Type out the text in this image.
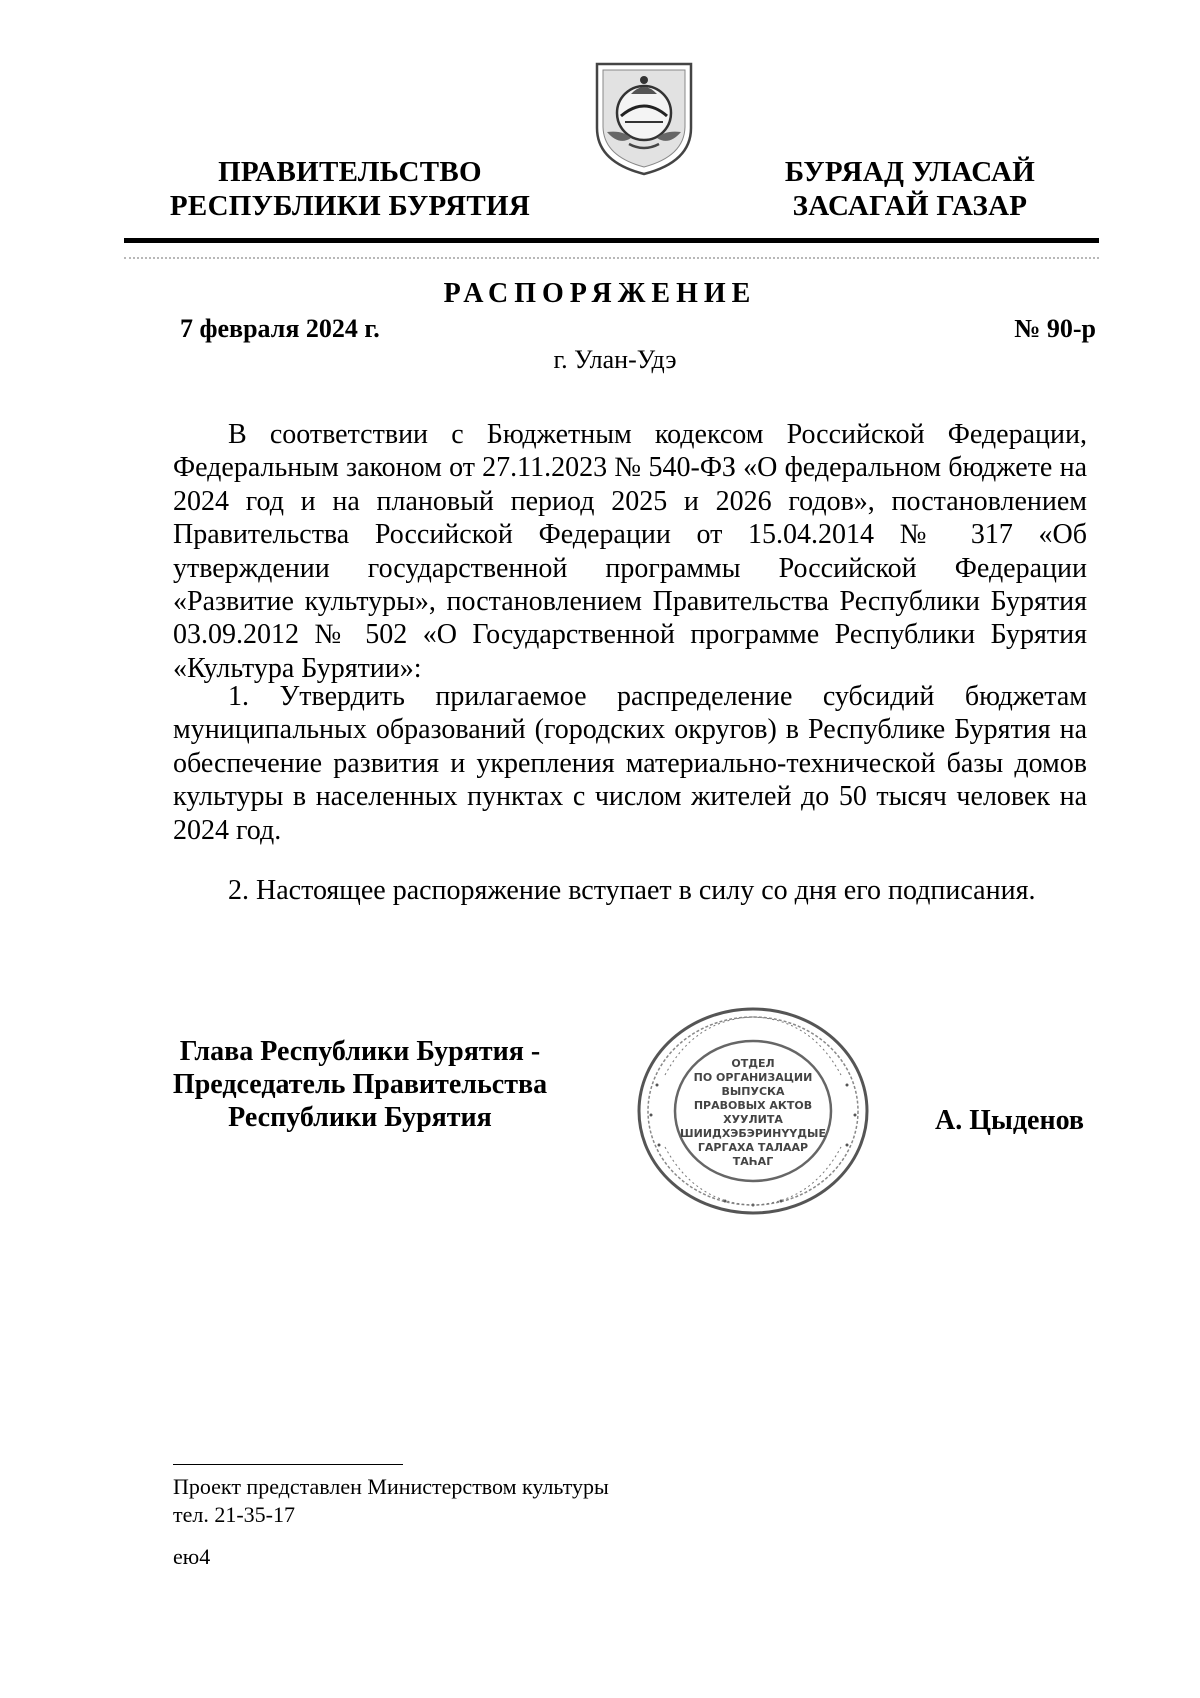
ПРАВИТЕЛЬСТВО
РЕСПУБЛИКИ БУРЯТИЯ
БУРЯАД УЛАСАЙ
ЗАСАГАЙ ГАЗАР
РАСПОРЯЖЕНИЕ
7 февраля 2024 г.	№ 90-р
г. Улан-Удэ
В соответствии с Бюджетным кодексом Российской Федерации, Федеральным законом от 27.11.2023 № 540-ФЗ «О федеральном бюджете на 2024 год и на плановый период 2025 и 2026 годов», постановлением Правительства Российской Федерации от 15.04.2014 № 317 «Об утверждении государственной программы Российской Федерации «Развитие культуры», постановлением Правительства Республики Бурятия 03.09.2012 № 502 «О Государственной программе Республики Бурятия «Культура Бурятии»:
1. Утвердить прилагаемое распределение субсидий бюджетам муниципальных образований (городских округов) в Республике Бурятия на обеспечение развития и укрепления материально-технической базы домов культуры в населенных пунктах с числом жителей до 50 тысяч человек на 2024 год.
2. Настоящее распоряжение вступает в силу со дня его подписания.
Глава Республики Бурятия -
Председатель Правительства
Республики Бурятия
ОТДЕЛ
ПО ОРГАНИЗАЦИИ
ВЫПУСКА
ПРАВОВЫХ АКТОВ
ХУУЛИТА
ШИИДХЭБЭРИНҮҮДЫЕ
ГАРГАХА ТАЛААР
ТАҺАГ
А. Цыденов
Проект представлен Министерством культуры
тел. 21-35-17
ею4
